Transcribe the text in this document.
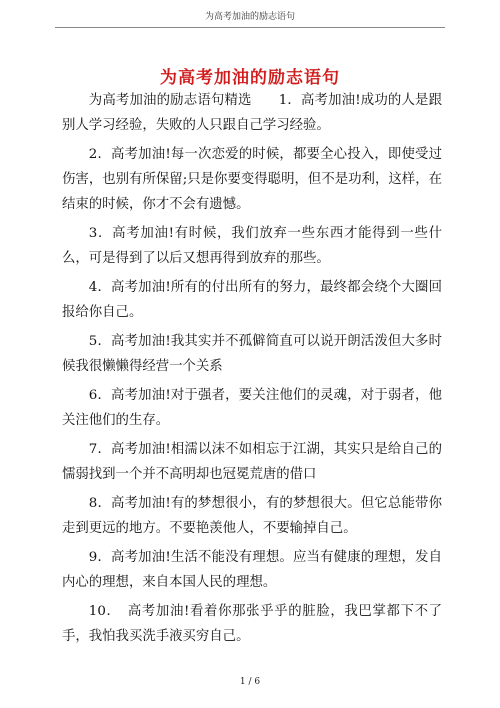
为高考加油的励志语句
为高考加油的励志语句

为高考加油的励志语句精选　　1．高考加油!成功的人是跟别人学习经验，失败的人只跟自己学习经验。

2．高考加油!每一次恋爱的时候，都要全心投入，即使受过伤害，也别有所保留;只是你要变得聪明，但不是功利，这样，在结束的时候，你才不会有遗憾。

3．高考加油!有时候，我们放弃一些东西才能得到一些什么，可是得到了以后又想再得到放弃的那些。

4．高考加油!所有的付出所有的努力，最终都会绕个大圈回报给你自己。

5．高考加油!我其实并不孤僻简直可以说开朗活泼但大多时候我很懒懒得经营一个关系

6．高考加油!对于强者，要关注他们的灵魂，对于弱者，他关注他们的生存。

7．高考加油!相濡以沫不如相忘于江湖，其实只是给自己的懦弱找到一个并不高明却也冠冕荒唐的借口

8．高考加油!有的梦想很小，有的梦想很大。但它总能带你走到更远的地方。不要艳羡他人，不要输掉自己。

9．高考加油!生活不能没有理想。应当有健康的理想，发自内心的理想，来自本国人民的理想。

10．　高考加油!看着你那张乎乎的脏脸，我巴掌都下不了手，我怕我买洗手液买穷自己。

1 / 6
